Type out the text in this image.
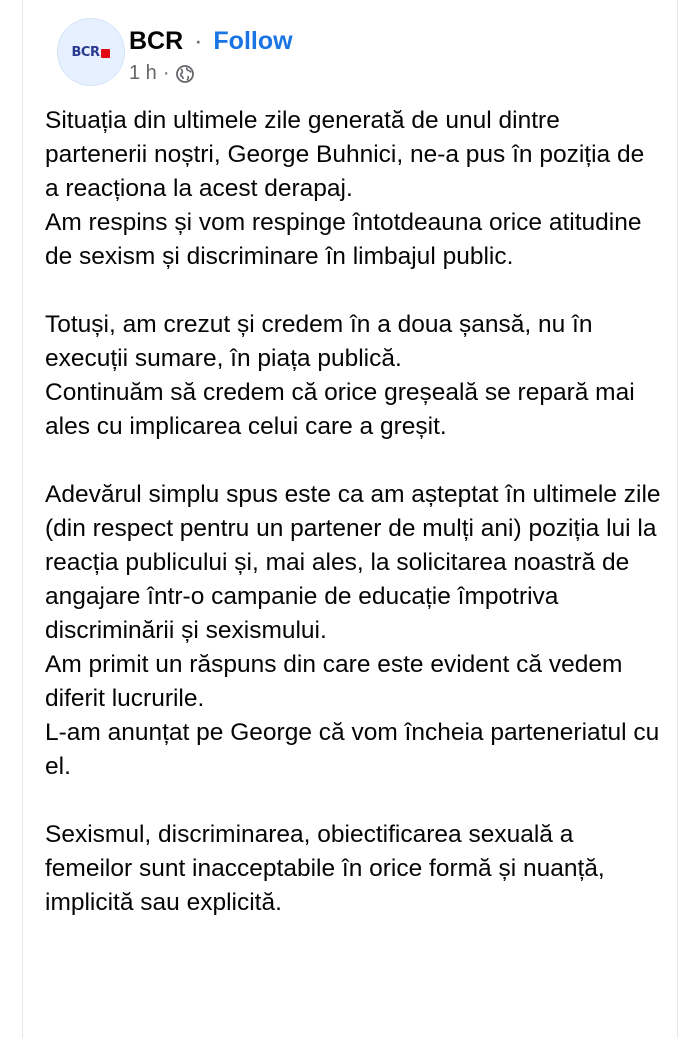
BCR BCR · Follow
1 h ·

Situația din ultimele zile generată de unul dintre partenerii noștri, George Buhnici, ne-a pus în poziția de a reacționa la acest derapaj.

Am respins și vom respinge întotdeauna orice atitudine de sexism și discriminare în limbajul public.

Totuși, am crezut și credem în a doua șansă, nu în execuții sumare, în piața publică.

Continuăm să credem că orice greșeală se repară mai ales cu implicarea celui care a greșit.

Adevărul simplu spus este ca am așteptat în ultimele zile (din respect pentru un partener de mulți ani) poziția lui la reacția publicului și, mai ales, la solicitarea noastră de angajare într-o campanie de educație împotriva discriminării și sexismului.

Am primit un răspuns din care este evident că vedem diferit lucrurile.

L-am anunțat pe George că vom încheia parteneriatul cu el.

Sexismul, discriminarea, obiectificarea sexuală a femeilor sunt inacceptabile în orice formă și nuanță, implicită sau explicită.
